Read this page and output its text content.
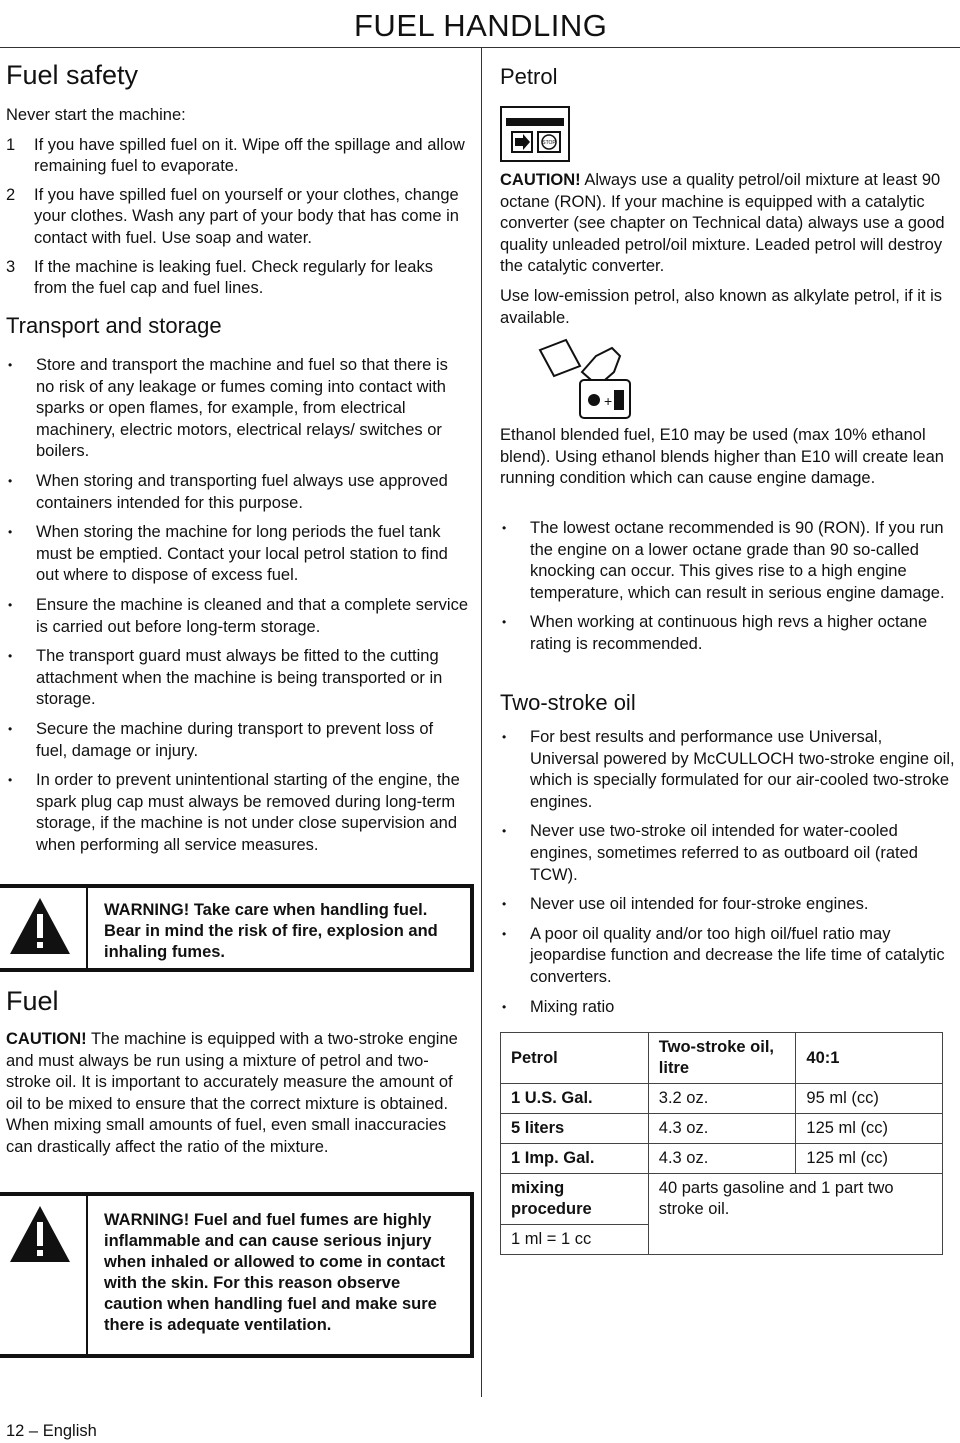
FUEL HANDLING
Fuel safety
Never start the machine:
1	If you have spilled fuel on it. Wipe off the spillage and allow remaining fuel to evaporate.
2	If you have spilled fuel on yourself or your clothes, change your clothes. Wash any part of your body that has come in contact with fuel. Use soap and water.
3	If the machine is leaking fuel. Check regularly for leaks from the fuel cap and fuel lines.
Transport and storage
•	Store and transport the machine and fuel so that there is no risk of any leakage or fumes coming into contact with sparks or open flames, for example, from electrical machinery, electric motors, electrical relays/ switches or boilers.
•	When storing and transporting fuel always use approved containers intended for this purpose.
•	When storing the machine for long periods the fuel tank must be emptied. Contact your local petrol station to find out where to dispose of excess fuel.
•	Ensure the machine is cleaned and that a complete service is carried out before long-term storage.
•	The transport guard must always be fitted to the cutting attachment when the machine is being transported or in storage.
•	Secure the machine during transport to prevent loss of fuel, damage or injury.
•	In order to prevent unintentional starting of the engine, the spark plug cap must always be removed during long-term storage, if the machine is not under close supervision and when performing all service measures.
WARNING! Take care when handling fuel. Bear in mind the risk of fire, explosion and inhaling fumes.
Fuel
CAUTION! The machine is equipped with a two-stroke engine and must always be run using a mixture of petrol and two-stroke oil. It is important to accurately measure the amount of oil to be mixed to ensure that the correct mixture is obtained. When mixing small amounts of fuel, even small inaccuracies can drastically affect the ratio of the mixture.
WARNING! Fuel and fuel fumes are highly inflammable and can cause serious injury when inhaled or allowed to come in contact with the skin. For this reason observe caution when handling fuel and make sure there is adequate ventilation.
Petrol
STOP
CAUTION! Always use a quality petrol/oil mixture at least 90 octane (RON). If your machine is equipped with a catalytic converter (see chapter on Technical data) always use a good quality unleaded petrol/oil mixture. Leaded petrol will destroy the catalytic converter.
Use low-emission petrol, also known as alkylate petrol, if it is available.
+
Ethanol blended fuel, E10 may be used (max 10% ethanol blend). Using ethanol blends higher than E10 will create lean running condition which can cause engine damage.
•	The lowest octane recommended is 90 (RON). If you run the engine on a lower octane grade than 90 so-called knocking can occur. This gives rise to a high engine temperature, which can result in serious engine damage.
•	When working at continuous high revs a higher octane rating is recommended.
Two-stroke oil
•	For best results and performance use Universal, Universal powered by McCULLOCH two-stroke engine oil, which is specially formulated for our air-cooled two-stroke engines.
•	Never use two-stroke oil intended for water-cooled engines, sometimes referred to as outboard oil (rated TCW).
•	Never use oil intended for four-stroke engines.
•	A poor oil quality and/or too high oil/fuel ratio may jeopardise function and decrease the life time of catalytic converters.
•	Mixing ratio
Petrol	Two-stroke oil, litre	40:1
1 U.S. Gal.	3.2 oz.	95 ml (cc)
5 liters	4.3 oz.	125 ml (cc)
1 Imp. Gal.	4.3 oz.	125 ml (cc)
mixing procedure	40 parts gasoline and 1 part two stroke oil.	
1 ml = 1 cc		
12 – English
